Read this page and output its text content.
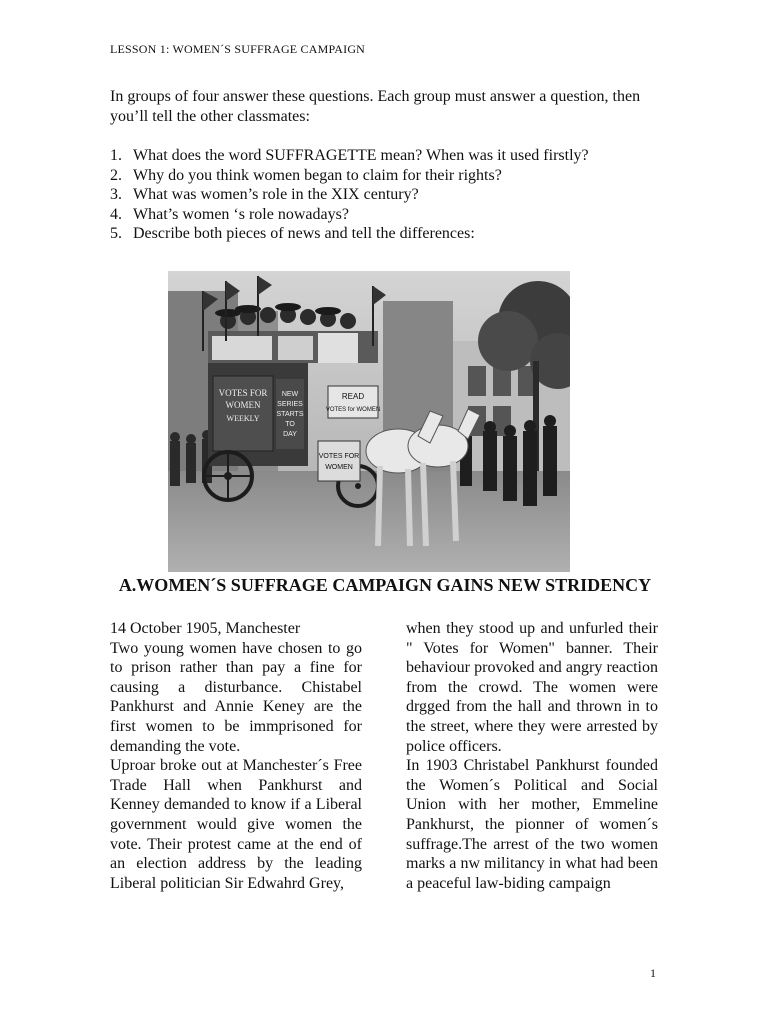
LESSON 1: WOMEN´S SUFFRAGE CAMPAIGN
In groups of four answer these questions. Each group must answer a question, then you’ll tell the other classmates:
1. What does the word SUFFRAGETTE mean? When was it used firstly?
2. Why do you think women began to claim for their rights?
3. What was women’s role in the XIX century?
4. What’s women ‘s role nowadays?
5. Describe both pieces of news and tell the differences:
VOTES FOR
WOMEN
WEEKLY
NEW
SERIES
STARTS
TO
DAY
READ
VOTES for WOMEN
VOTES FOR
WOMEN
A.WOMEN´S SUFFRAGE CAMPAIGN GAINS NEW STRIDENCY

14 October 1905, Manchester

Two young women have chosen to go to prison rather than pay a fine for causing a disturbance. Chistabel Pankhurst and Annie Keney are the first women to be immprisoned for demanding the vote.

Uproar broke out at Manchester´s Free Trade Hall when Pankhurst and Kenney demanded to know if a Liberal government would give women the vote. Their protest came at the end of an election address by the leading Liberal politician Sir Edwahrd Grey,

when they stood up and unfurled their " Votes for Women" banner. Their behaviour provoked and angry reaction from the crowd. The women were drgged from the hall and thrown in to the street, where they were arrested by police officers.

In 1903 Christabel Pankhurst founded the Women´s Political and Social Union with her mother, Emmeline Pankhurst, the pionner of women´s suffrage.The arrest of the two women marks a nw militancy in what had been a peaceful law-biding campaign

1
